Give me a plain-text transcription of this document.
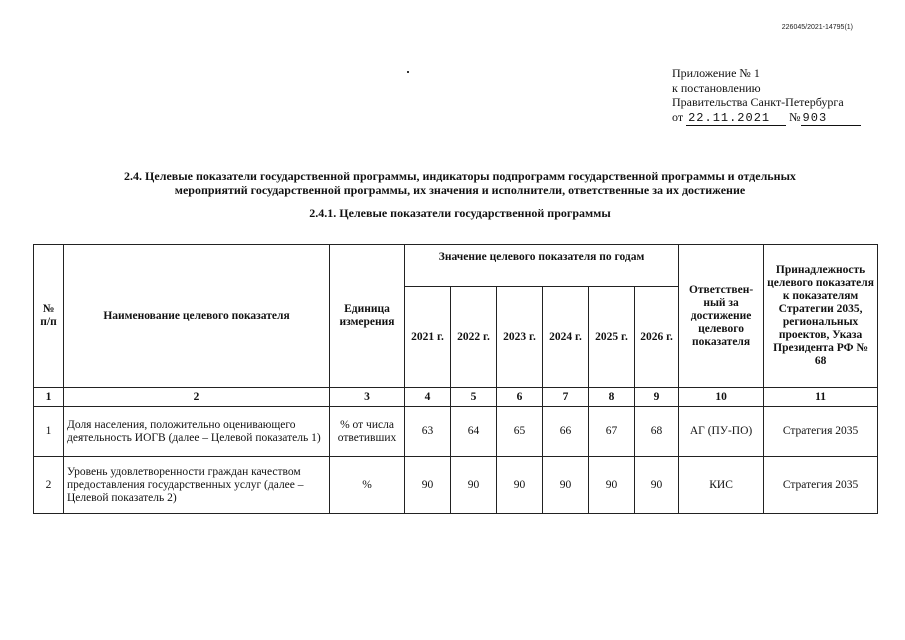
226045/2021-14795(1)
Приложение № 1
к постановлению
Правительства Санкт-Петербурга
от 22.11.2021 № 903
2.4. Целевые показатели государственной программы, индикаторы подпрограмм государственной программы и отдельных
мероприятий государственной программы, их значения и исполнители, ответственные за их достижение
2.4.1. Целевые показатели государственной программы
№ п/п	Наименование целевого показателя	Единица измерения	Значение целевого показателя по годам						Ответствен-ный за достижение целевого показателя	Принадлежность целевого показателя к показателям Стратегии 2035, региональных проектов, Указа Президента РФ № 68
			2021 г.	2022 г.	2023 г.	2024 г.	2025 г.	2026 г.		
1	2	3	4	5	6	7	8	9	10	11
1	Доля населения, положительно оценивающего деятельность ИОГВ (далее – Целевой показатель 1)	% от числа ответивших	63	64	65	66	67	68	АГ (ПУ-ПО)	Стратегия 2035
2	Уровень удовлетворенности граждан качеством предоставления государственных услуг (далее – Целевой показатель 2)	%	90	90	90	90	90	90	КИС	Стратегия 2035
